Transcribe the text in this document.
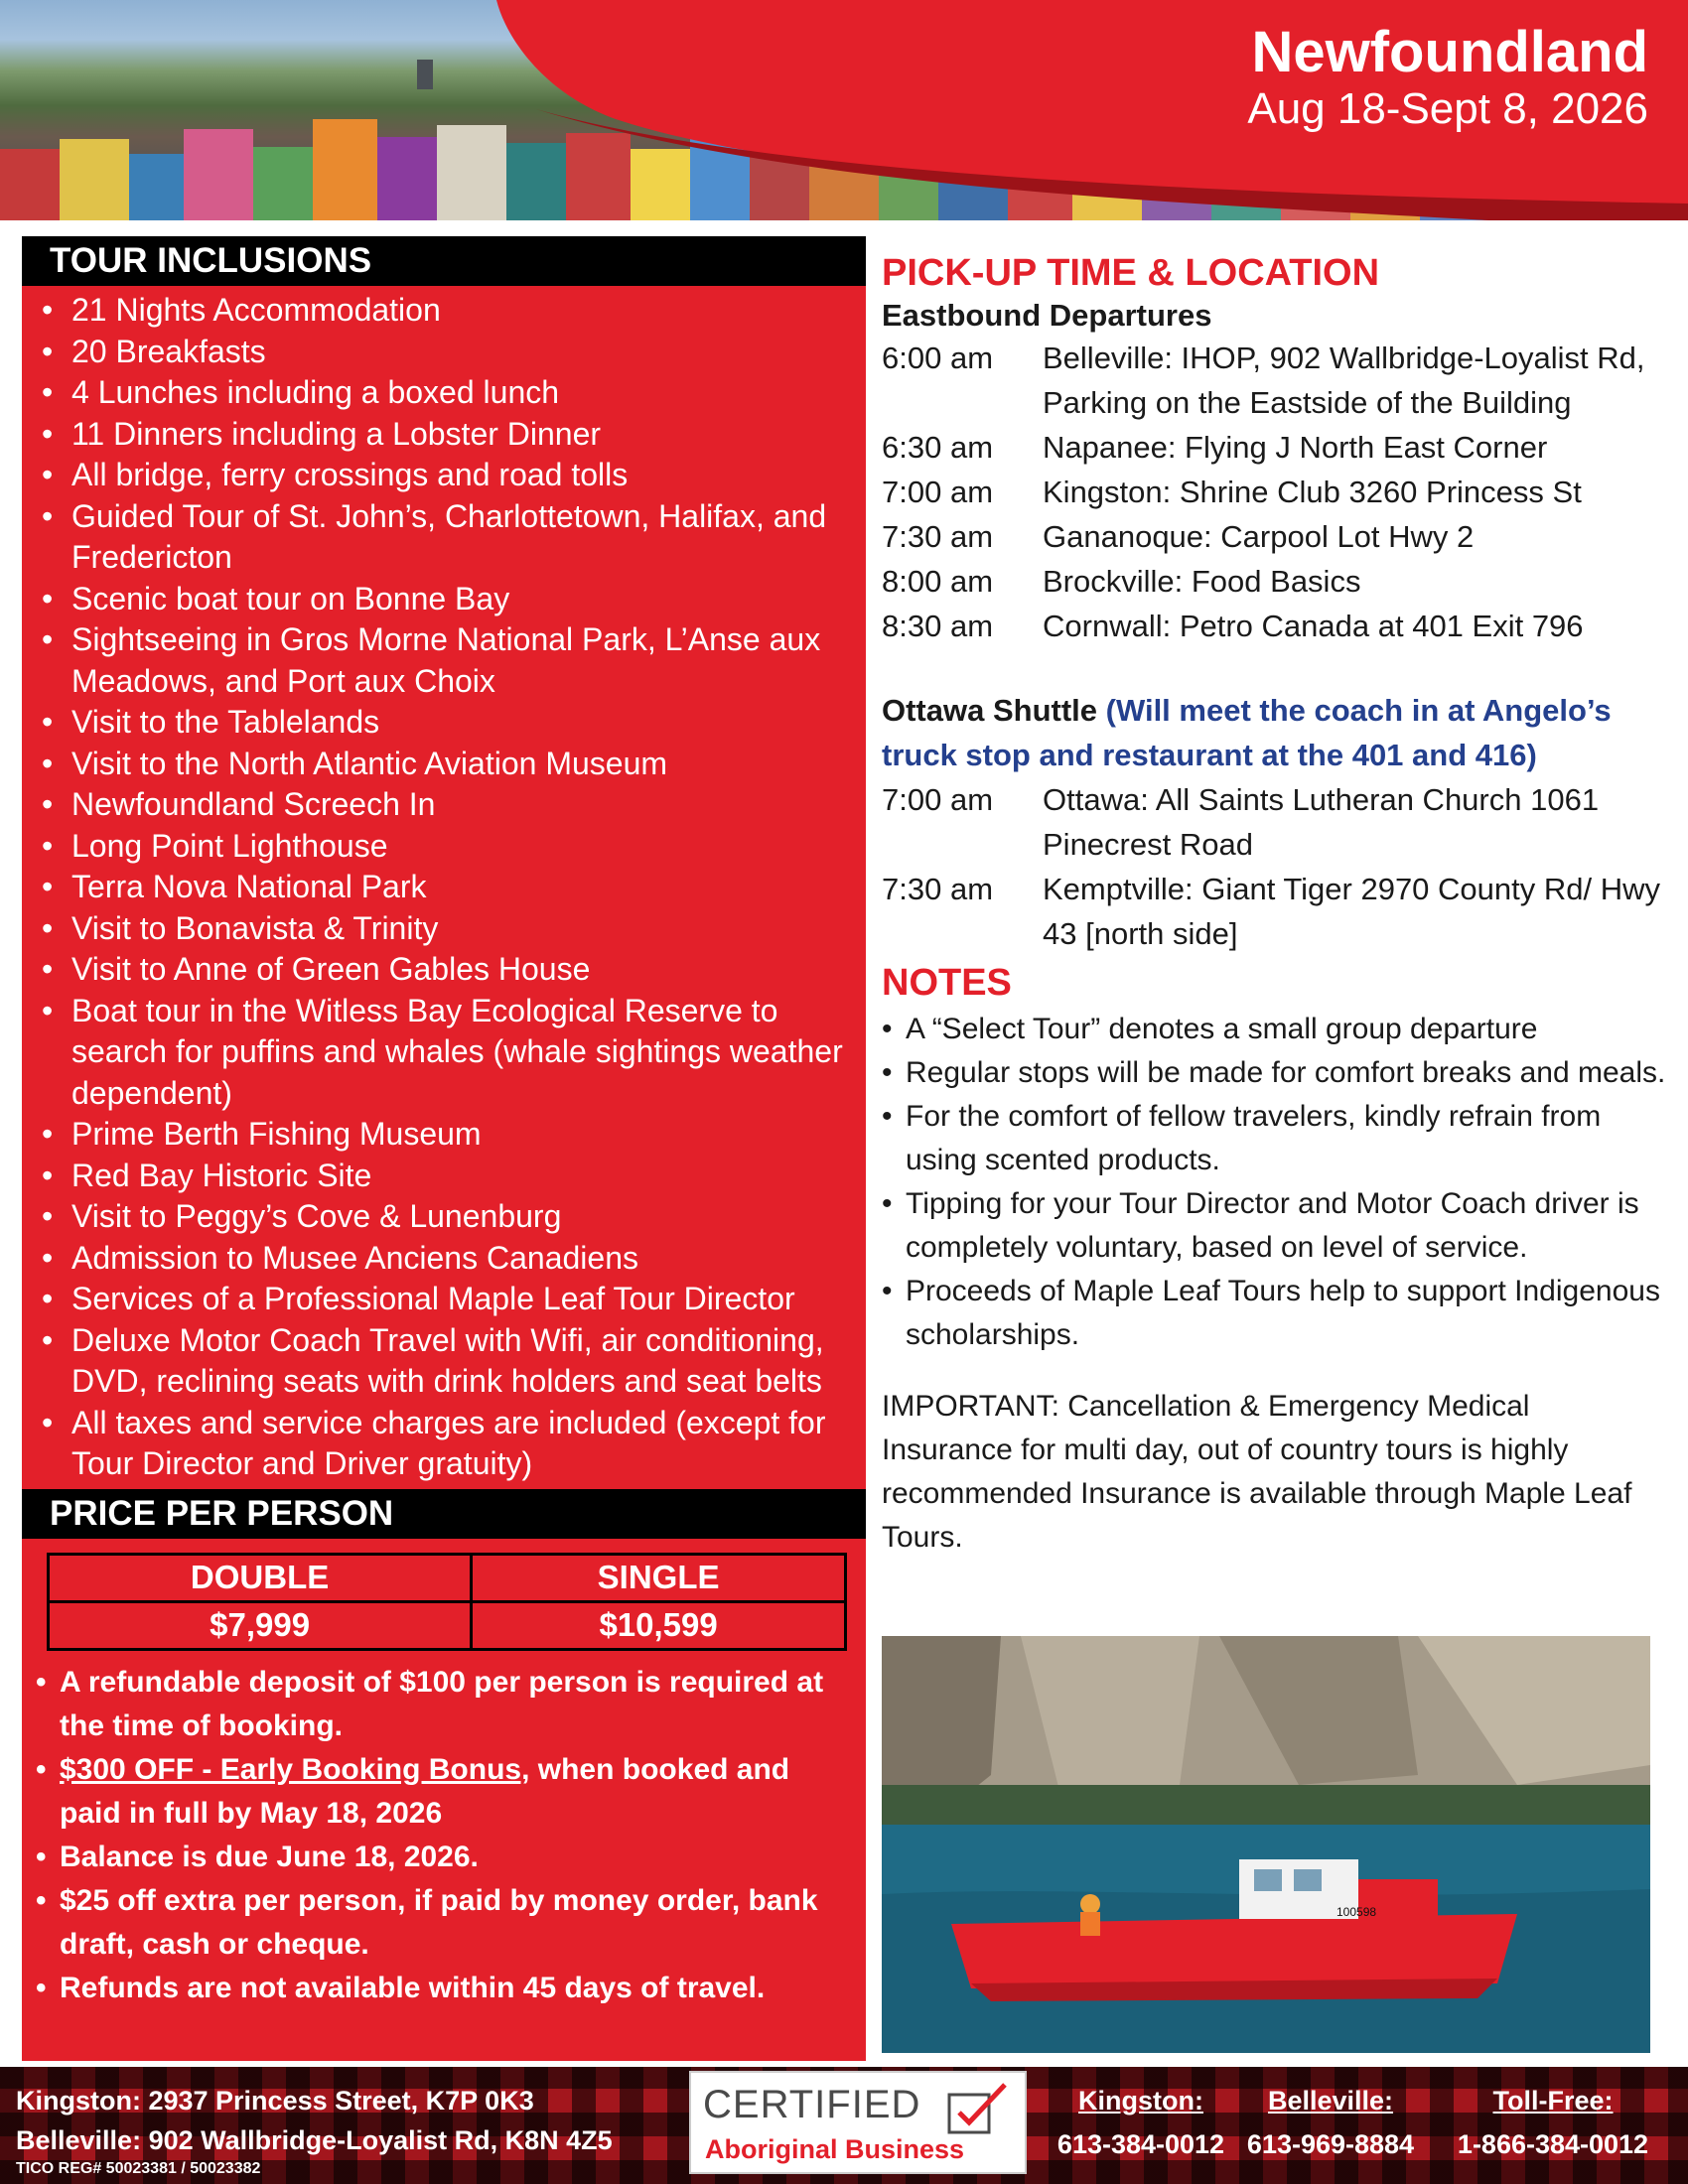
Newfoundland
Aug 18-Sept 8, 2026
TOUR INCLUSIONS
• 21 Nights Accommodation
• 20 Breakfasts
• 4 Lunches including a boxed lunch
• 11 Dinners including a Lobster Dinner
• All bridge, ferry crossings and road tolls
• Guided Tour of St. John’s, Charlottetown, Halifax, and Fredericton
• Scenic boat tour on Bonne Bay
• Sightseeing in Gros Morne National Park, L’Anse aux Meadows, and Port aux Choix
• Visit to the Tablelands
• Visit to the North Atlantic Aviation Museum
• Newfoundland Screech In
• Long Point Lighthouse
• Terra Nova National Park
• Visit to Bonavista & Trinity
• Visit to Anne of Green Gables House
• Boat tour in the Witless Bay Ecological Reserve to search for puffins and whales (whale sightings weather dependent)
• Prime Berth Fishing Museum
• Red Bay Historic Site
• Visit to Peggy’s Cove & Lunenburg
• Admission to Musee Anciens Canadiens
• Services of a Professional Maple Leaf Tour Director
• Deluxe Motor Coach Travel with Wifi, air conditioning, DVD, reclining seats with drink holders and seat belts
• All taxes and service charges are included (except for Tour Director and Driver gratuity)
PRICE PER PERSON
DOUBLE	SINGLE
$7,999	$10,599
• A refundable deposit of $100 per person is required at the time of booking.
• $300 OFF - Early Booking Bonus, when booked and paid in full by May 18, 2026
• Balance is due June 18, 2026.
• $25 off extra per person, if paid by money order, bank draft, cash or cheque.
• Refunds are not available within 45 days of travel.
PICK-UP TIME & LOCATION
Eastbound Departures
6:00 am	Belleville: IHOP, 902 Wallbridge-Loyalist Rd, Parking on the Eastside of the Building
6:30 am	Napanee: Flying J North East Corner
7:00 am	Kingston: Shrine Club 3260 Princess St
7:30 am	Gananoque: Carpool Lot Hwy 2
8:00 am	Brockville: Food Basics
8:30 am	Cornwall: Petro Canada at 401 Exit 796
Ottawa Shuttle (Will meet the coach in at Angelo’s truck stop and restaurant at the 401 and 416)
7:00 am	Ottawa: All Saints Lutheran Church 1061 Pinecrest Road
7:30 am	Kemptville: Giant Tiger 2970 County Rd/ Hwy 43 [north side]
NOTES
• A “Select Tour” denotes a small group departure
• Regular stops will be made for comfort breaks and meals.
• For the comfort of fellow travelers, kindly refrain from using scented products.
• Tipping for your Tour Director and Motor Coach driver is completely voluntary, based on level of service.
• Proceeds of Maple Leaf Tours help to support Indigenous scholarships.
IMPORTANT: Cancellation & Emergency Medical Insurance for multi day, out of country tours is highly recommended Insurance is available through Maple Leaf Tours.
100598
Kingston: 2937 Princess Street, K7P 0K3
Belleville: 902 Wallbridge-Loyalist Rd, K8N 4Z5
TICO REG# 50023381 / 50023382
CERTIFIED
Aboriginal Business
Kingston:
613-384-0012
Belleville:
613-969-8884
Toll-Free:
1-866-384-0012
